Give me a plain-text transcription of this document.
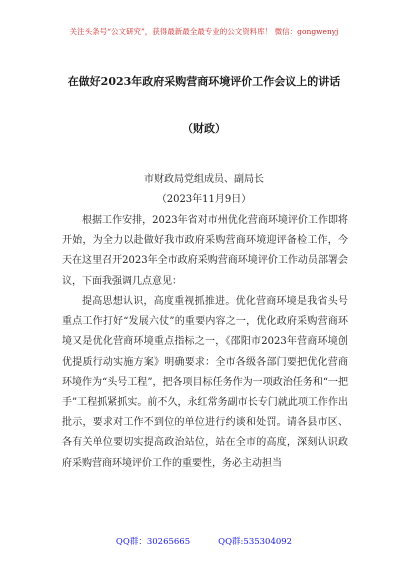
关注头条号“公文研究”，获得最新最全最专业的公文资料库！ 微信：gongwenyj
在做好2023年政府采购营商环境评价工作会议上的讲话
（财政）
市财政局党组成员、副局长
（2023年11月9日）

根据工作安排，2023年省对市州优化营商环境评价工作即将开始，为全力以赴做好我市政府采购营商环境迎评备检工作，今天在这里召开2023年全市政府采购营商环境评价工作动员部署会议，下面我强调几点意见：

提高思想认识，高度重视抓推进。优化营商环境是我省头号重点工作打好“发展六仗”的重要内容之一，优化政府采购营商环境又是优化营商环境重点指标之一，《邵阳市2023年营商环境创优提质行动实施方案》明确要求：全市各级各部门要把优化营商环境作为“头号工程”，把各项目标任务作为一项政治任务和“一把手”工程抓紧抓实。前不久，永红常务副市长专门就此项工作作出批示，要求对工作不到位的单位进行约谈和处罚。请各县市区、各有关单位要切实提高政治站位，站在全市的高度，深刻认识政府采购营商环境评价工作的重要性，务必主动担当

QQ群：30265665	QQ群:535304092
